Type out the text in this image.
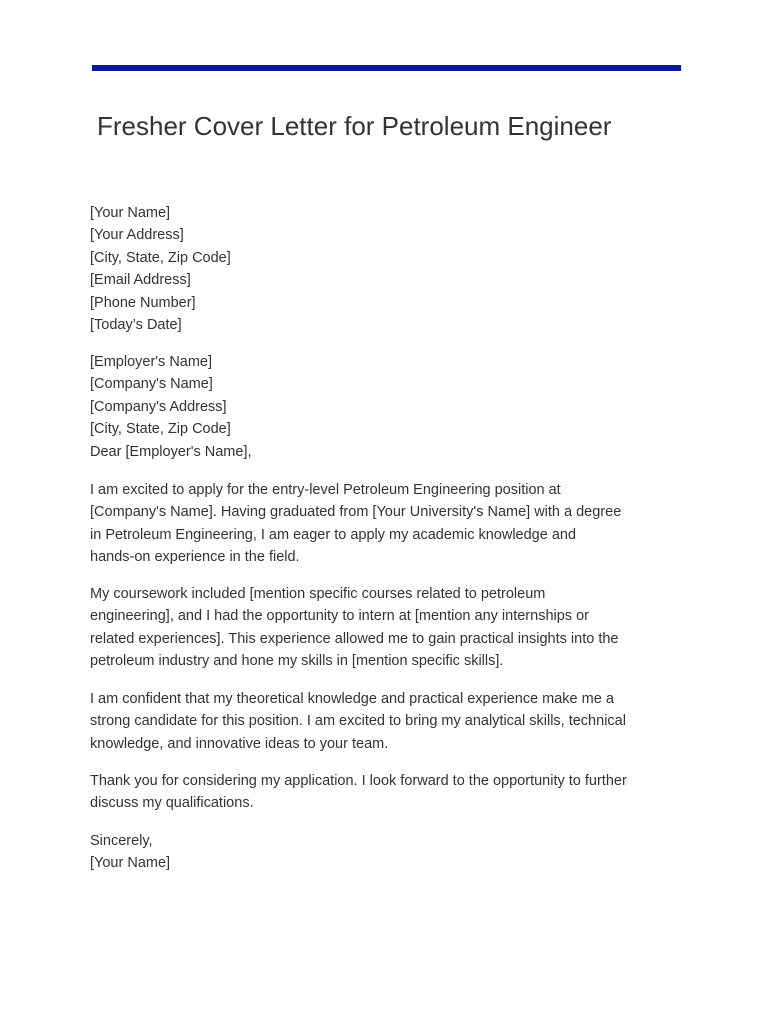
Fresher Cover Letter for Petroleum Engineer
[Your Name]
[Your Address]
[City, State, Zip Code]
[Email Address]
[Phone Number]
[Today’s Date]
[Employer's Name]
[Company's Name]
[Company's Address]
[City, State, Zip Code]
Dear [Employer's Name],
I am excited to apply for the entry-level Petroleum Engineering position at
[Company's Name]. Having graduated from [Your University's Name] with a degree
in Petroleum Engineering, I am eager to apply my academic knowledge and
hands-on experience in the field.
My coursework included [mention specific courses related to petroleum
engineering], and I had the opportunity to intern at [mention any internships or
related experiences]. This experience allowed me to gain practical insights into the
petroleum industry and hone my skills in [mention specific skills].
I am confident that my theoretical knowledge and practical experience make me a
strong candidate for this position. I am excited to bring my analytical skills, technical
knowledge, and innovative ideas to your team.
Thank you for considering my application. I look forward to the opportunity to further
discuss my qualifications.
Sincerely,
[Your Name]
